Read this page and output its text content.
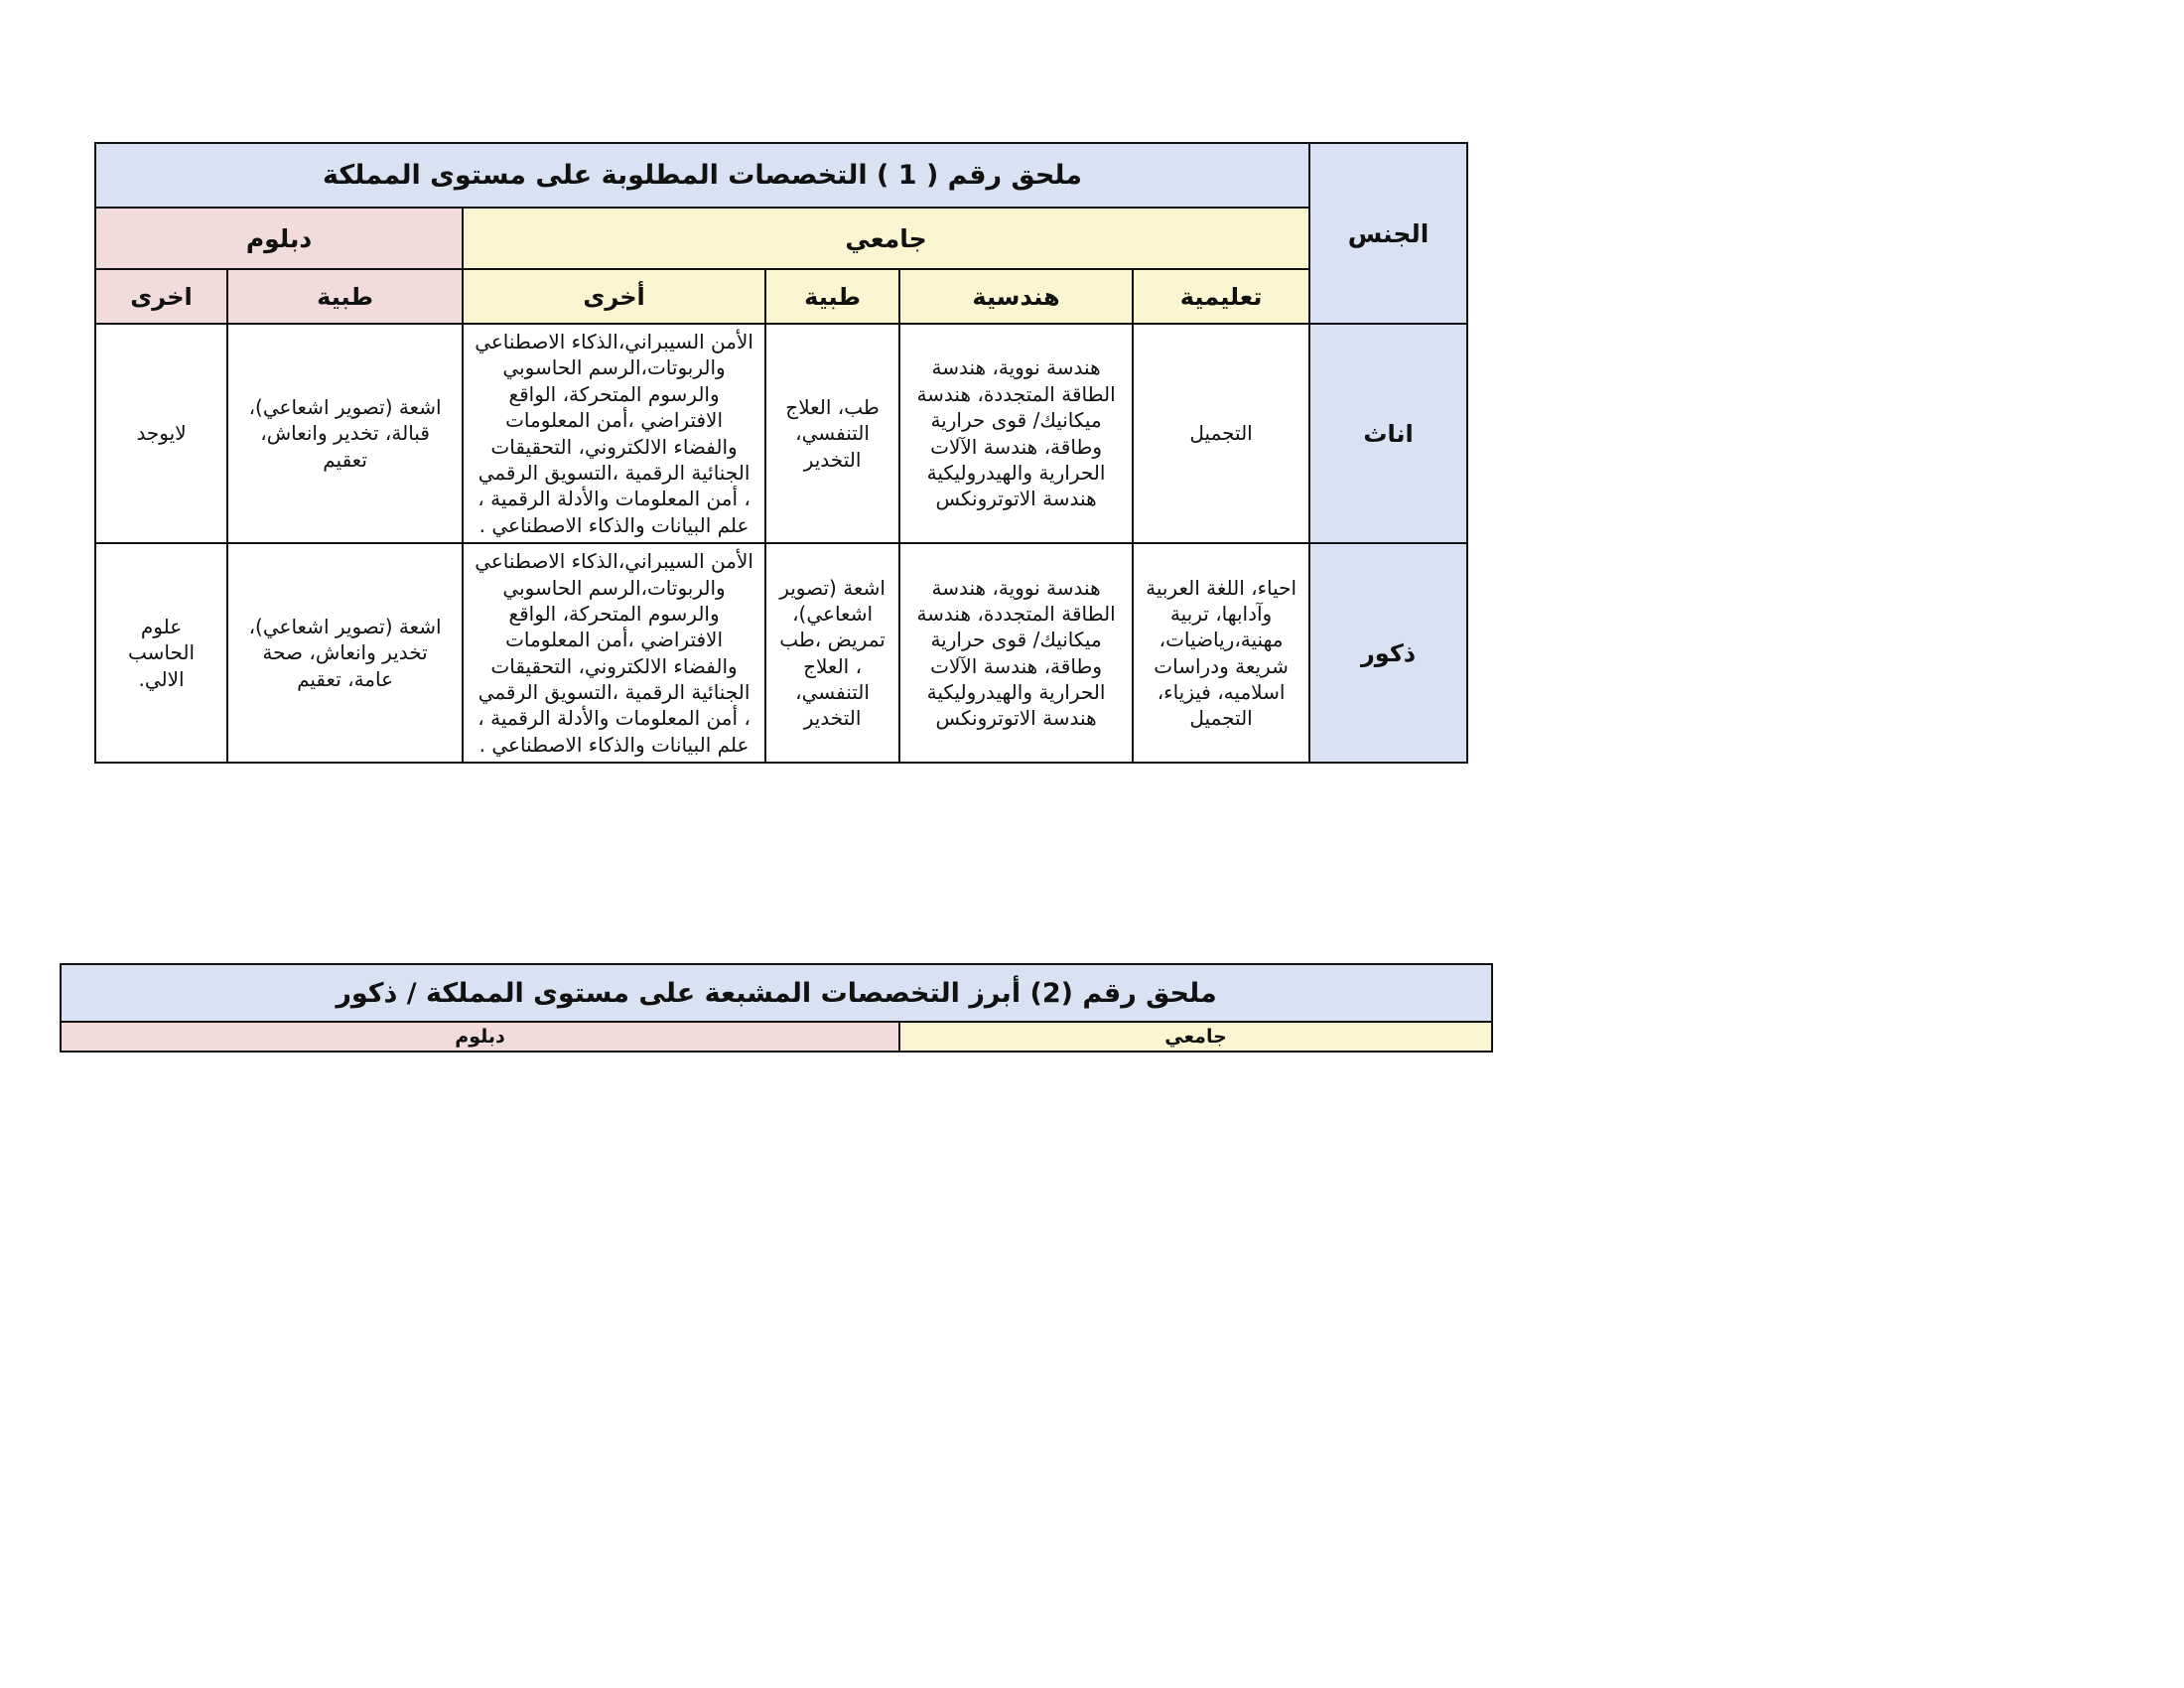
الجنس	ملحق رقم ( 1 ) التخصصات المطلوبة على مستوى المملكة					
	جامعي				دبلوم	
	تعليمية	هندسية	طبية	أخرى	طبية	اخرى
اناث	التجميل	هندسة نووية، هندسة الطاقة المتجددة، هندسة ميكانيك/ قوى حرارية وطاقة، هندسة الآلات الحرارية والهيدروليكية هندسة الاتوترونكس	طب، العلاج التنفسي، التخدير	الأمن السيبراني،الذكاء الاصطناعي والربوتات،الرسم الحاسوبي والرسوم المتحركة، الواقع الافتراضي ،أمن المعلومات والفضاء الالكتروني، التحقيقات الجنائية الرقمية ،التسويق الرقمي ، أمن المعلومات والأدلة الرقمية ، علم البيانات والذكاء الاصطناعي .	اشعة (تصوير اشعاعي)، قبالة، تخدير وانعاش، تعقيم	لايوجد
ذكور	احياء، اللغة العربية وآدابها، تربية مهنية،رياضيات، شريعة ودراسات اسلاميه، فيزياء، التجميل	هندسة نووية، هندسة الطاقة المتجددة، هندسة ميكانيك/ قوى حرارية وطاقة، هندسة الآلات الحرارية والهيدروليكية هندسة الاتوترونكس	اشعة (تصوير اشعاعي)، تمريض ،طب ، العلاج التنفسي، التخدير	الأمن السيبراني،الذكاء الاصطناعي والربوتات،الرسم الحاسوبي والرسوم المتحركة، الواقع الافتراضي ،أمن المعلومات والفضاء الالكتروني، التحقيقات الجنائية الرقمية ،التسويق الرقمي ، أمن المعلومات والأدلة الرقمية ، علم البيانات والذكاء الاصطناعي .	اشعة (تصوير اشعاعي)، تخدير وانعاش، صحة عامة، تعقيم	علوم الحاسب الالي.
ملحق رقم (2) أبرز التخصصات المشبعة على مستوى المملكة / ذكور
جامعي	دبلوم
